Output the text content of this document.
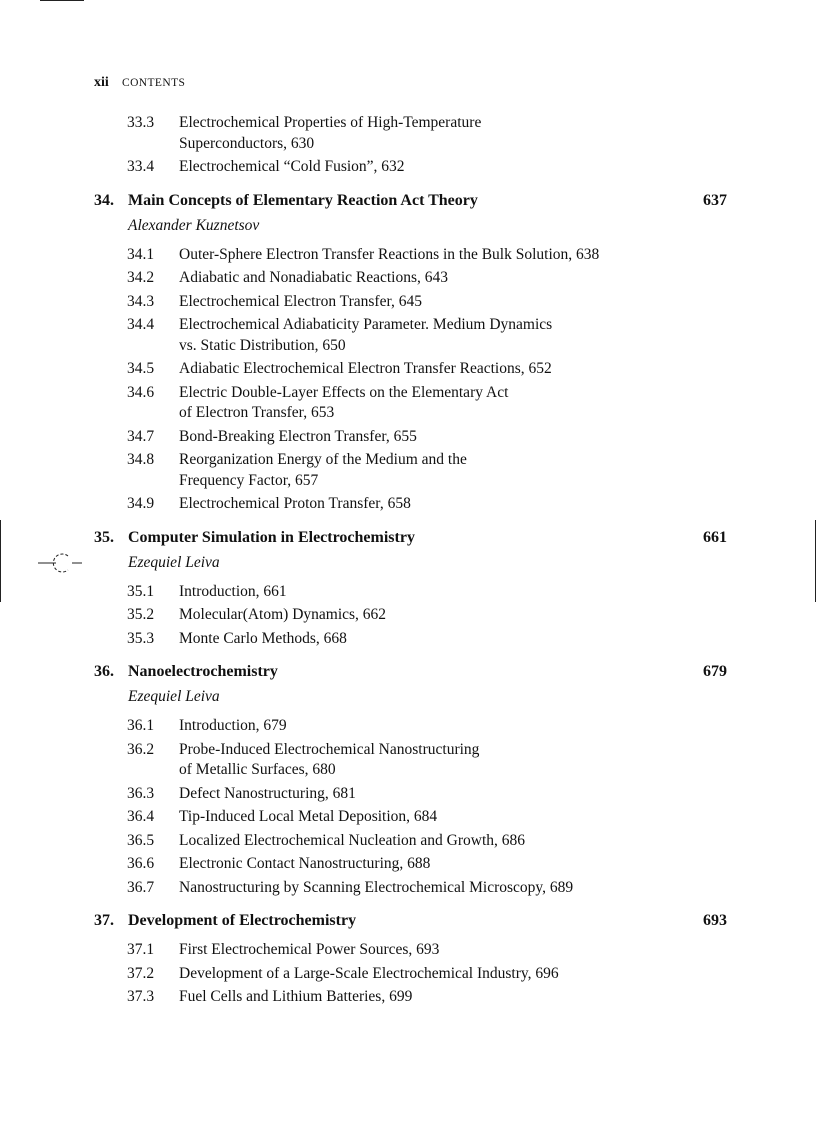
xii CONTENTS
33.3 Electrochemical Properties of High-Temperature
Superconductors, 630
33.4 Electrochemical “Cold Fusion”, 632
34. Main Concepts of Elementary Reaction Act Theory	637
Alexander Kuznetsov
34.1 Outer-Sphere Electron Transfer Reactions in the Bulk Solution, 638
34.2 Adiabatic and Nonadiabatic Reactions, 643
34.3 Electrochemical Electron Transfer, 645
34.4 Electrochemical Adiabaticity Parameter. Medium Dynamics
vs. Static Distribution, 650
34.5 Adiabatic Electrochemical Electron Transfer Reactions, 652
34.6 Electric Double-Layer Effects on the Elementary Act
of Electron Transfer, 653
34.7 Bond-Breaking Electron Transfer, 655
34.8 Reorganization Energy of the Medium and the
Frequency Factor, 657
34.9 Electrochemical Proton Transfer, 658
35. Computer Simulation in Electrochemistry	661
Ezequiel Leiva
35.1 Introduction, 661
35.2 Molecular(Atom) Dynamics, 662
35.3 Monte Carlo Methods, 668
36. Nanoelectrochemistry	679
Ezequiel Leiva
36.1 Introduction, 679
36.2 Probe-Induced Electrochemical Nanostructuring
of Metallic Surfaces, 680
36.3 Defect Nanostructuring, 681
36.4 Tip-Induced Local Metal Deposition, 684
36.5 Localized Electrochemical Nucleation and Growth, 686
36.6 Electronic Contact Nanostructuring, 688
36.7 Nanostructuring by Scanning Electrochemical Microscopy, 689
37. Development of Electrochemistry	693
37.1 First Electrochemical Power Sources, 693
37.2 Development of a Large-Scale Electrochemical Industry, 696
37.3 Fuel Cells and Lithium Batteries, 699
